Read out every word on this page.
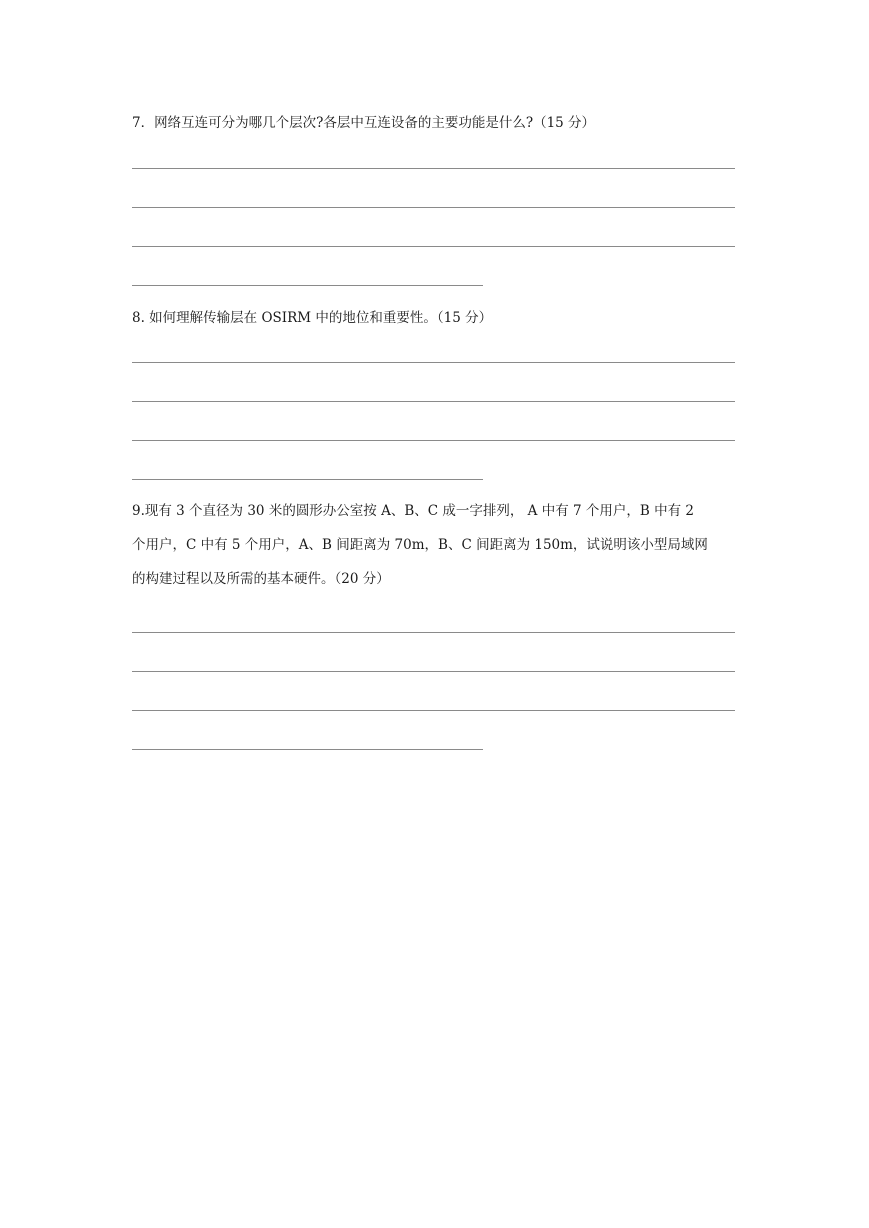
7．网络互连可分为哪几个层次?各层中互连设备的主要功能是什么?（15 分）
8. 如何理解传输层在 OSIRM 中的地位和重要性。（15 分）
9.现有 3 个直径为 30 米的圆形办公室按 A、B、C 成一字排列， A 中有 7 个用户，B 中有 2
个用户，C 中有 5 个用户，A、B 间距离为 70m，B、C 间距离为 150m，试说明该小型局域网
的构建过程以及所需的基本硬件。（20 分）
